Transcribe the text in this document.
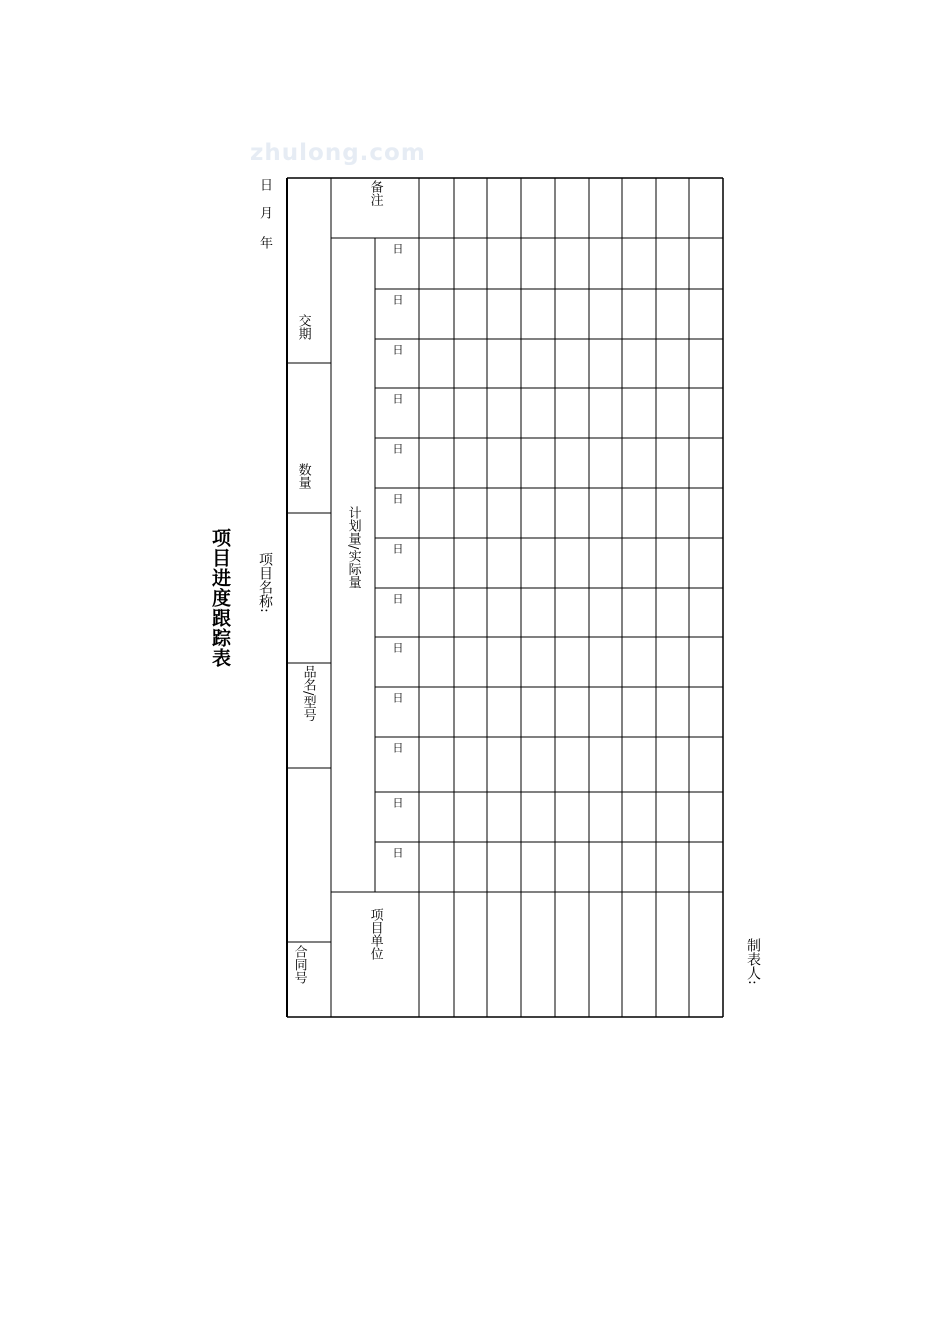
zhulong.com
项目进度跟踪表 项目名称:
日
月
年
合同号
品名/型号
数量
交期
备注
项目单位
计划量/实际量
日
日
日
日
日
日
日
日
日
日
日
日
日
制表人:
